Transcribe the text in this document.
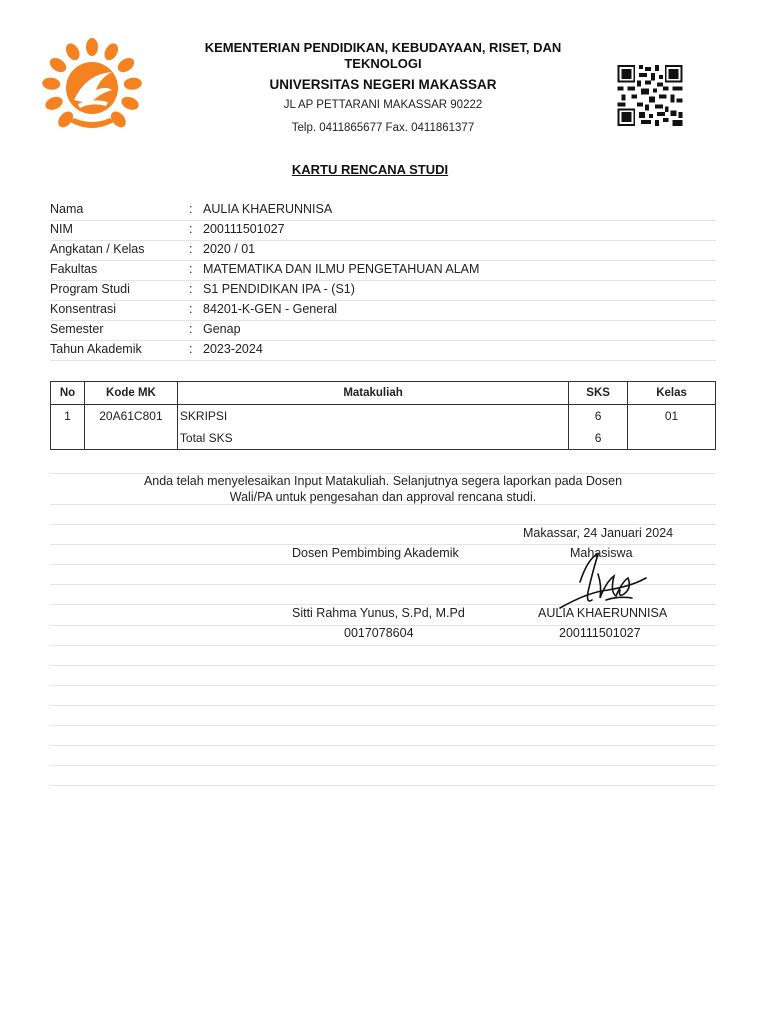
KEMENTERIAN PENDIDIKAN, KEBUDAYAAN, RISET, DAN TEKNOLOGI
UNIVERSITAS NEGERI MAKASSAR
JL AP PETTARANI MAKASSAR 90222
Telp. 0411865677 Fax. 0411861377
KARTU RENCANA STUDI
Nama	: AULIA KHAERUNNISA
NIM	: 200111501027
Angkatan / Kelas	: 2020 / 01
Fakultas	: MATEMATIKA DAN ILMU PENGETAHUAN ALAM
Program Studi	: S1 PENDIDIKAN IPA - (S1)
Konsentrasi	: 84201-K-GEN - General
Semester	: Genap
Tahun Akademik	: 2023-2024
No	Kode MK	Matakuliah	SKS	Kelas
1	20A61C801	SKRIPSI	6	01
		Total SKS	6	
Anda telah menyelesaikan Input Matakuliah. Selanjutnya segera laporkan pada Dosen
Wali/PA untuk pengesahan dan approval rencana studi.
Makassar, 24 Januari 2024
Dosen Pembimbing Akademik	Mahasiswa
Sitti Rahma Yunus, S.Pd, M.Pd	AULIA KHAERUNNISA
0017078604	200111501027
